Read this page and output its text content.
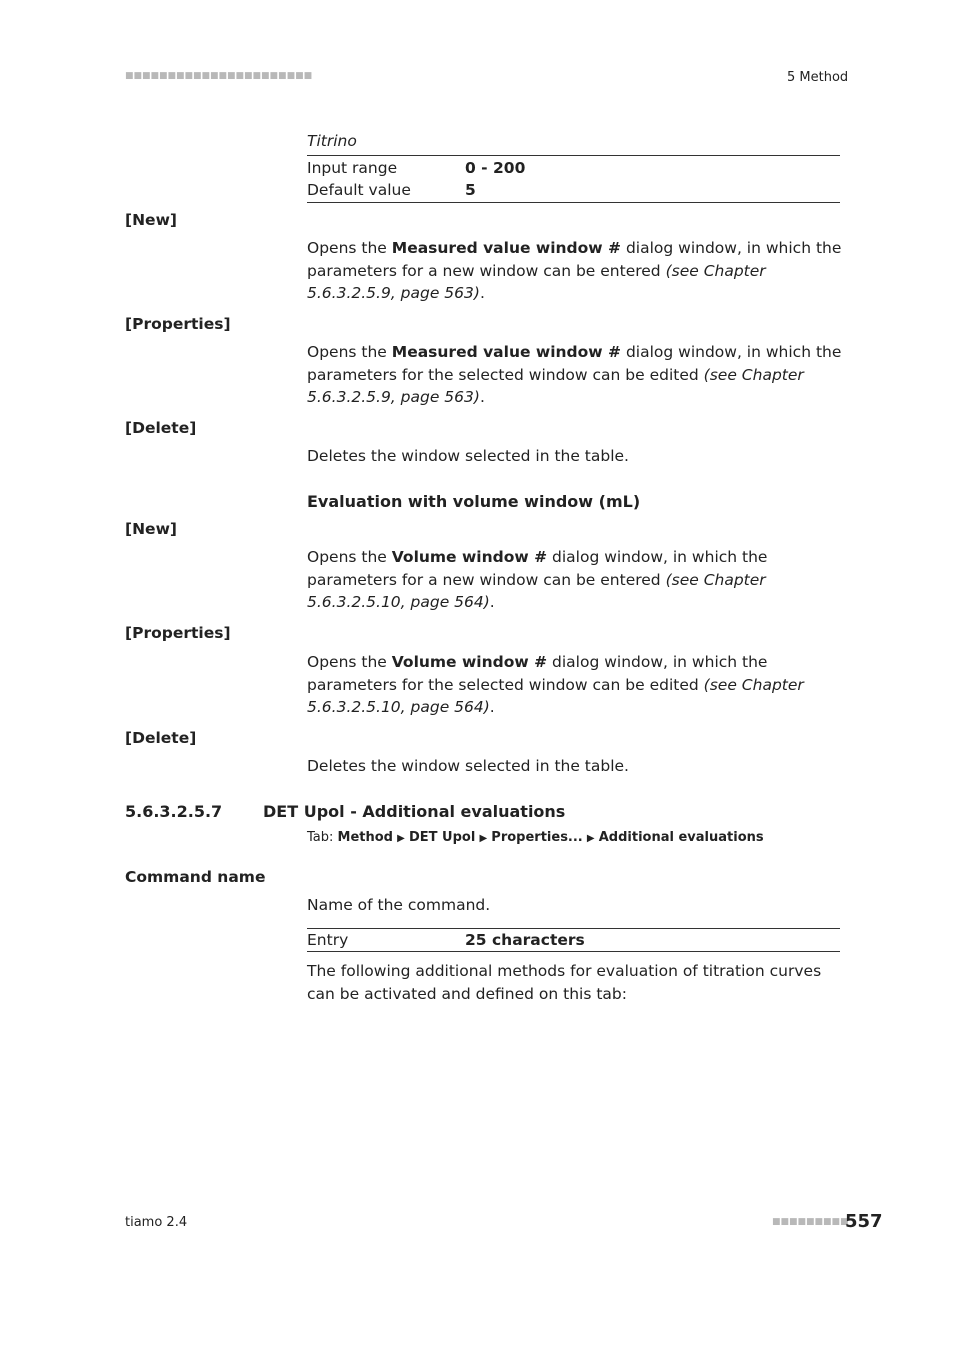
■■■■■■■■■■■■■■■■■■■■■■	5 Method
Titrino
Input range	0 - 200
Default value	5
[New]
Opens the Measured value window # dialog window, in which the parameters for a new window can be entered (see Chapter 5.6.3.2.5.9, page 563).
[Properties]
Opens the Measured value window # dialog window, in which the parameters for the selected window can be edited (see Chapter 5.6.3.2.5.9, page 563).
[Delete]
Deletes the window selected in the table.
Evaluation with volume window (mL)
[New]
Opens the Volume window # dialog window, in which the parameters for a new window can be entered (see Chapter 5.6.3.2.5.10, page 564).
[Properties]
Opens the Volume window # dialog window, in which the parameters for the selected window can be edited (see Chapter 5.6.3.2.5.10, page 564).
[Delete]
Deletes the window selected in the table.
5.6.3.2.5.7	DET Upol - Additional evaluations
Tab: Method ▶ DET Upol ▶ Properties... ▶ Additional evaluations
Command name
Name of the command.
Entry	25 characters
The following additional methods for evaluation of titration curves can be activated and defined on this tab:
tiamo 2.4	■■■■■■■■■
557
